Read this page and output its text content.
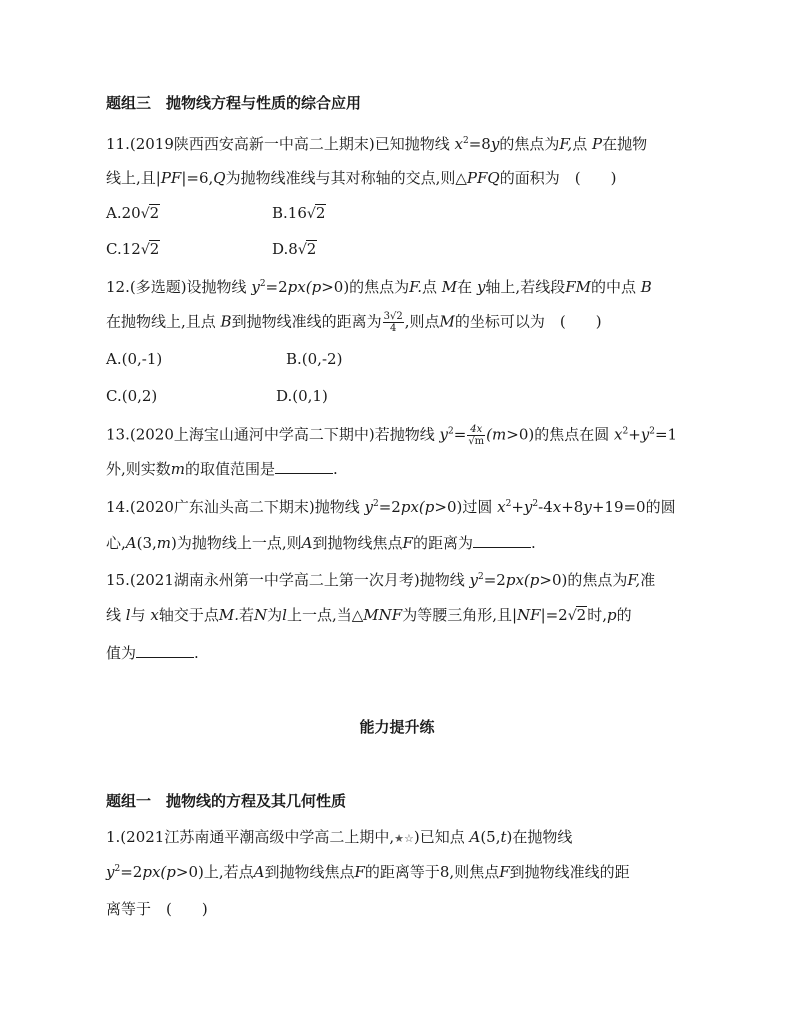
题组三　抛物线方程与性质的综合应用
11.(2019陕西西安高新一中高二上期末)已知抛物线 $x^2=8y$的焦点为F,点 P在抛物
线上,且|PF|=6,Q为抛物线准线与其对称轴的交点,则△PFQ的面积为　(　　)
A.20√2	B.16√2
C.12√2	D.8√2
12.(多选题)设抛物线 $y^2=2px(p>0)$的焦点为F.点 M在 y轴上,若线段FM的中点 B
在抛物线上,且点 B到抛物线准线的距离为 $\frac{3√2}{4}$ ,则点M的坐标可以为　(　　)
A.(0,-1)	B.(0,-2)
C.(0,2)	D.(0,1)
13.(2020上海宝山通河中学高二下期中)若抛物线 $y^2= \frac{4x}{√m} (m>0)$的焦点在圆 $x^2+y^2=1$
外,则实数m的取值范围是	.
14.(2020广东汕头高二下期末)抛物线 $y^2=2px(p>0)$过圆 $x^2+y^2-4x+8y+19=0$的圆
心,A(3,m)为抛物线上一点,则A到抛物线焦点F的距离为	.
15.(2021湖南永州第一中学高二上第一次月考)抛物线 $y^2=2px(p>0)$的焦点为F,准
线 l与 x轴交于点M.若N为l上一点,当△MNF为等腰三角形,且|NF|=2√2时,p的
值为	.
能力提升练
题组一　抛物线的方程及其几何性质
1.(2021江苏南通平潮高级中学高二上期中,★☆)已知点 A(5,t)在抛物线
$y^2=2px(p>0)$上,若点A到抛物线焦点F的距离等于8,则焦点F到抛物线准线的距
离等于　(　　)
